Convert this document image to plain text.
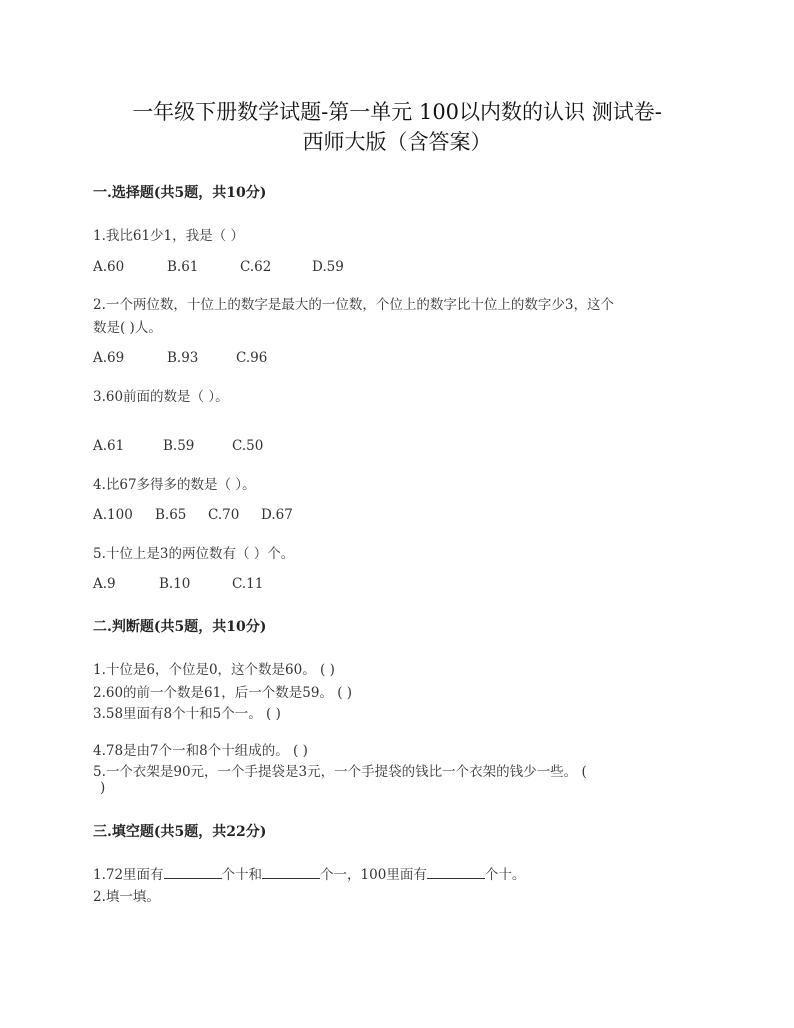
一年级下册数学试题-第一单元 100以内数的认识 测试卷-
西师大版（含答案）
一.选择题(共5题，共10分)
1.我比61少1，我是（ ）
A.60	B.61	C.62	D.59
2.一个两位数，十位上的数字是最大的一位数，个位上的数字比十位上的数字少3，这个
数是( )人。
A.69	B.93	C.96
3.60前面的数是（ ）。
A.61	B.59	C.50
4.比67多得多的数是（ ）。
A.100 B.65 C.70 D.67
5.十位上是3的两位数有（ ）个。
A.9	B.10	C.11
二.判断题(共5题，共10分)
1.十位是6，个位是0，这个数是60。 ( )
2.60的前一个数是61，后一个数是59。 ( )
3.58里面有8个十和5个一。 ( )
4.78是由7个一和8个十组成的。 ( )
5.一个衣架是90元，一个手提袋是3元，一个手提袋的钱比一个衣架的钱少一些。 (
)
三.填空题(共5题，共22分)
1.72里面有	个十和	个一，100里面有	个十。
2.填一填。
